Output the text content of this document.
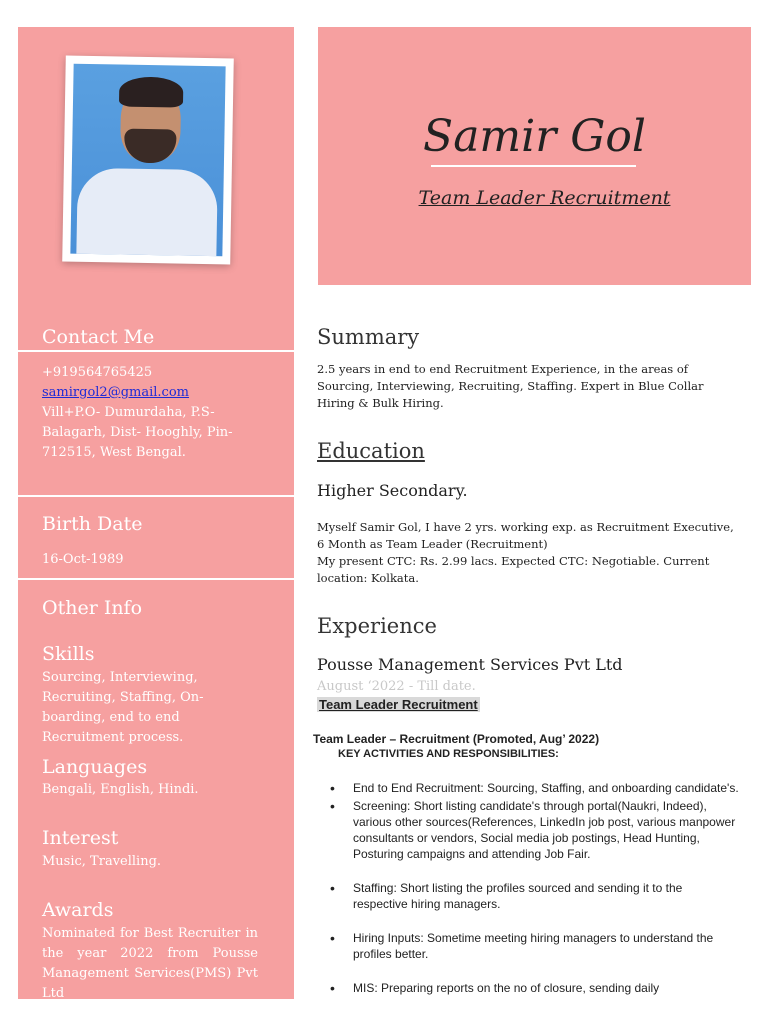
Contact Me
+919564765425
samirgol2@gmail.com
Vill+P.O- Dumurdaha, P.S- Balagarh, Dist- Hooghly, Pin- 712515, West Bengal.
Birth Date
16-Oct-1989
Other Info
Skills
Sourcing, Interviewing, Recruiting, Staffing, On-boarding, end to end Recruitment process.
Languages
Bengali, English, Hindi.
Interest
Music, Travelling.
Awards
Nominated for Best Recruiter in the year 2022 from Pousse Management Services(PMS) Pvt Ltd
Samir Gol
Team Leader Recruitment
Summary
2.5 years in end to end Recruitment Experience, in the areas of Sourcing, Interviewing, Recruiting, Staffing. Expert in Blue Collar Hiring & Bulk Hiring.
Education
Higher Secondary.
Myself Samir Gol, I have 2 yrs. working exp. as Recruitment Executive, 6 Month as Team Leader (Recruitment)
My present CTC: Rs. 2.99 lacs. Expected CTC: Negotiable. Current location: Kolkata.
Experience
Pousse Management Services Pvt Ltd
August ‘2022 - Till date.
Team Leader Recruitment
Team Leader – Recruitment (Promoted, Aug’ 2022)
KEY ACTIVITIES AND RESPONSIBILITIES:
• End to End Recruitment: Sourcing, Staffing, and onboarding candidate's.
• Screening: Short listing candidate's through portal(Naukri, Indeed), various other sources(References, LinkedIn job post, various manpower consultants or vendors, Social media job postings, Head Hunting, Posturing campaigns and attending Job Fair.
• Staffing: Short listing the profiles sourced and sending it to the respective hiring managers.
• Hiring Inputs: Sometime meeting hiring managers to understand the profiles better.
• MIS: Preparing reports on the no of closure, sending daily
